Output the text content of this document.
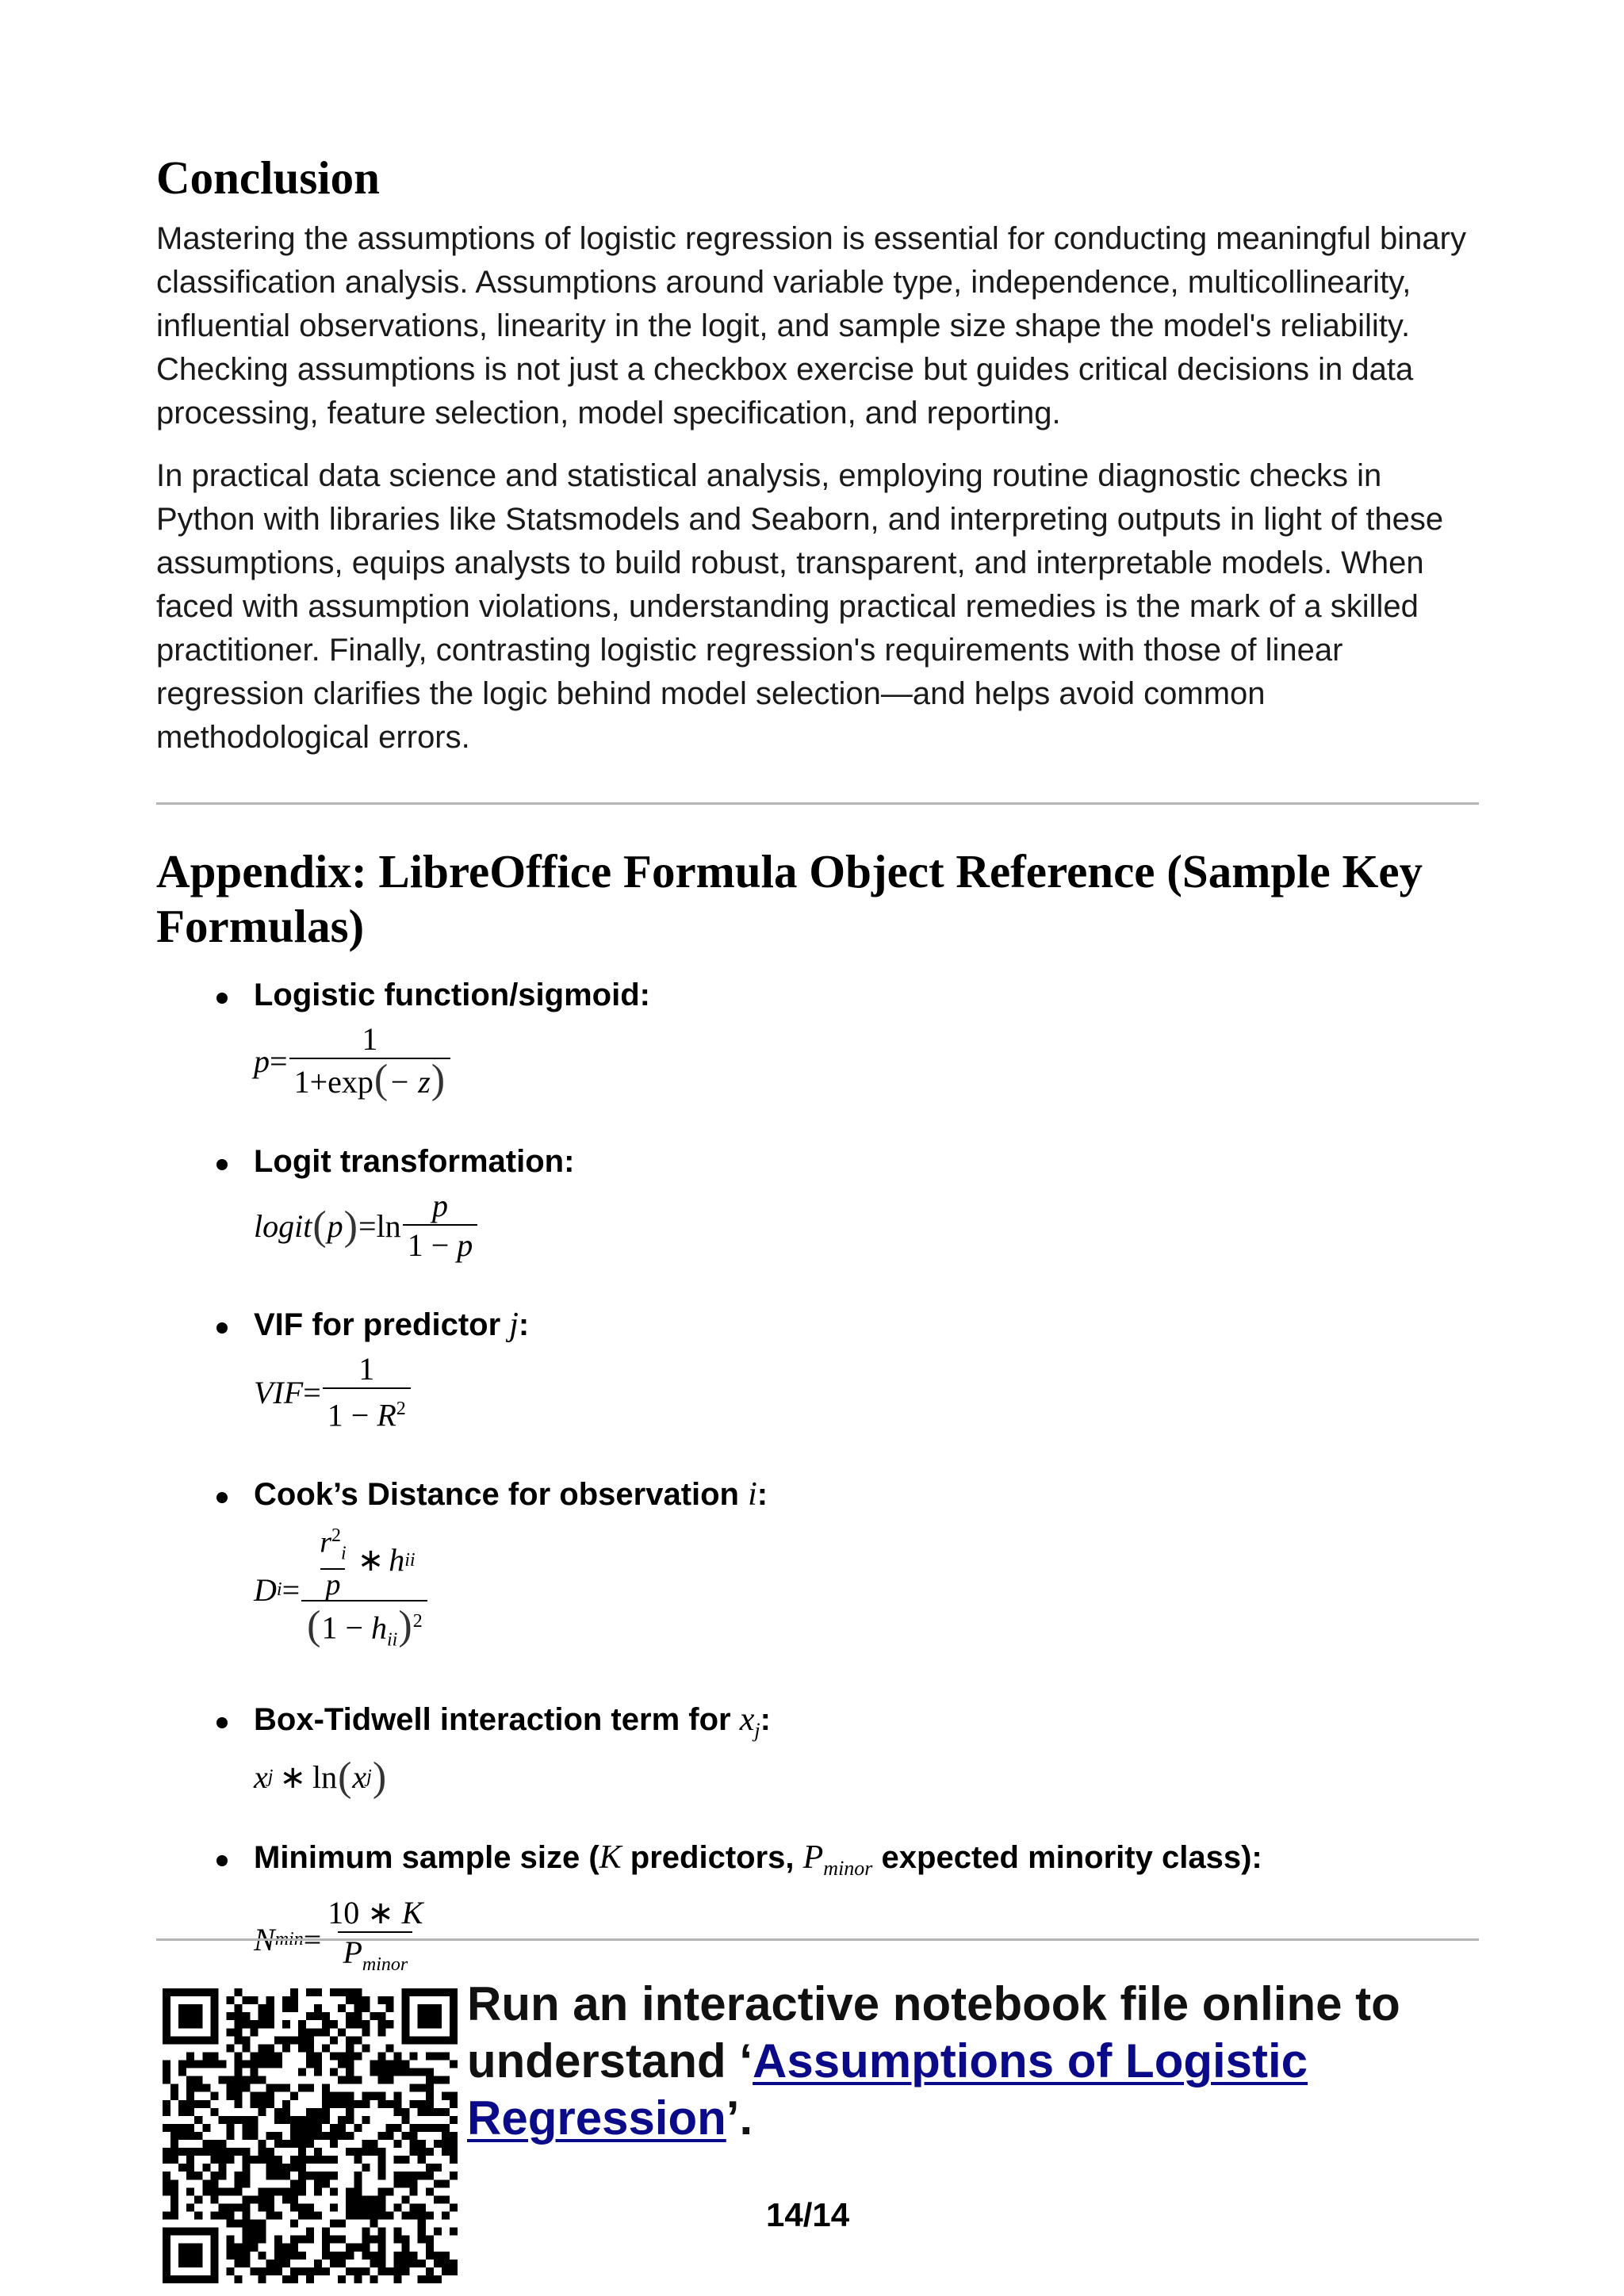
Conclusion

Mastering the assumptions of logistic regression is essential for conducting meaningful binary classification analysis. Assumptions around variable type, independence, multicollinearity, influential observations, linearity in the logit, and sample size shape the model's reliability. Checking assumptions is not just a checkbox exercise but guides critical decisions in data processing, feature selection, model specification, and reporting.

In practical data science and statistical analysis, employing routine diagnostic checks in Python with libraries like Statsmodels and Seaborn, and interpreting outputs in light of these assumptions, equips analysts to build robust, transparent, and interpretable models. When faced with assumption violations, understanding practical remedies is the mark of a skilled practitioner. Finally, contrasting logistic regression's requirements with those of linear regression clarifies the logic behind model selection—and helps avoid common methodological errors.

Appendix: LibreOffice Formula Object Reference (Sample Key Formulas)
Logistic function/sigmoid:
$p = \frac{1}{1+\exp(- z)}$
Logit transformation:
logit ( p ) = $\ln \frac{p}{1 - p}$
VIF for predictor j:
VIF = $\frac{1}{1 - R^2}$
Cook’s Distance for observation i:
D $i = \frac{r^2_i}{p}$ ∗ h ii
$(1 - h_{ii})^2$
Box-Tidwell interaction term for $x_j$:
x j ∗ ln ( x j )
Minimum sample size (K predictors, $P_{minor}$ expected minority class):
N $\min = \frac{10 ∗ K}{P_{minor}}$
Run an interactive notebook file online to understand ‘Assumptions of Logistic Regression’.
14/14
